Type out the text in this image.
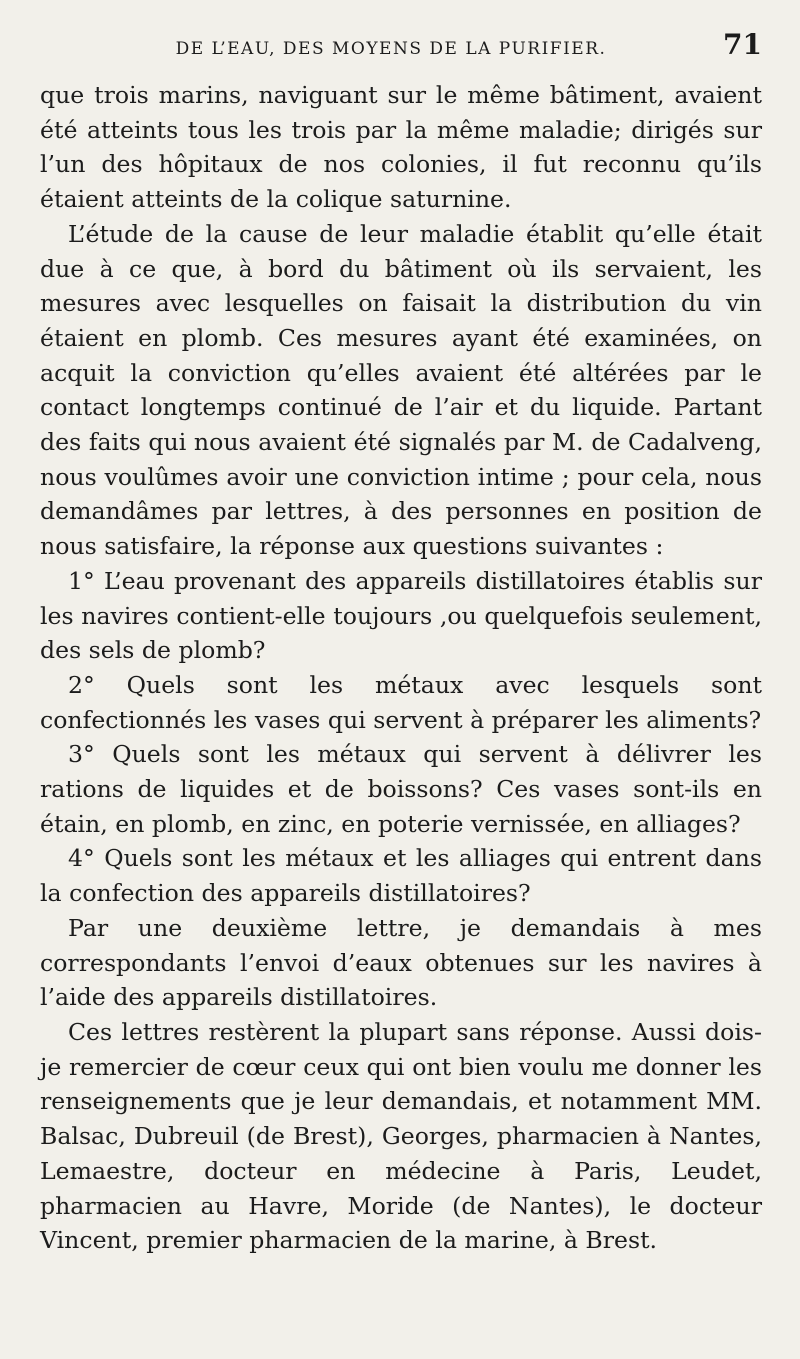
DE L’EAU, DES MOYENS DE LA PURIFIER.	71

que trois marins, naviguant sur le même bâtiment, avaient été atteints tous les trois par la même maladie; dirigés sur l’un des hôpitaux de nos colonies, il fut reconnu qu’ils étaient atteints de la colique saturnine.

L’étude de la cause de leur maladie établit qu’elle était due à ce que, à bord du bâtiment où ils servaient, les mesures avec lesquelles on faisait la distribution du vin étaient en plomb. Ces mesures ayant été examinées, on acquit la conviction qu’elles avaient été altérées par le contact longtemps continué de l’air et du liquide. Partant des faits qui nous avaient été signalés par M. de Cadalveng, nous voulûmes avoir une conviction intime ; pour cela, nous demandâmes par lettres, à des personnes en position de nous satisfaire, la réponse aux questions suivantes :

1° L’eau provenant des appareils distillatoires établis sur les navires contient-elle toujours ,ou quelquefois seulement, des sels de plomb?

2° Quels sont les métaux avec lesquels sont confectionnés les vases qui servent à préparer les aliments?

3° Quels sont les métaux qui servent à délivrer les rations de liquides et de boissons? Ces vases sont-ils en étain, en plomb, en zinc, en poterie vernissée, en alliages?

4° Quels sont les métaux et les alliages qui entrent dans la confection des appareils distillatoires?

Par une deuxième lettre, je demandais à mes correspondants l’envoi d’eaux obtenues sur les navires à l’aide des appareils distillatoires.

Ces lettres restèrent la plupart sans réponse. Aussi dois-je remercier de cœur ceux qui ont bien voulu me donner les renseignements que je leur demandais, et notamment MM. Balsac, Dubreuil (de Brest), Georges, pharmacien à Nantes, Lemaestre, docteur en médecine à Paris, Leudet, pharmacien au Havre, Moride (de Nantes), le docteur Vincent, premier pharmacien de la marine, à Brest.
